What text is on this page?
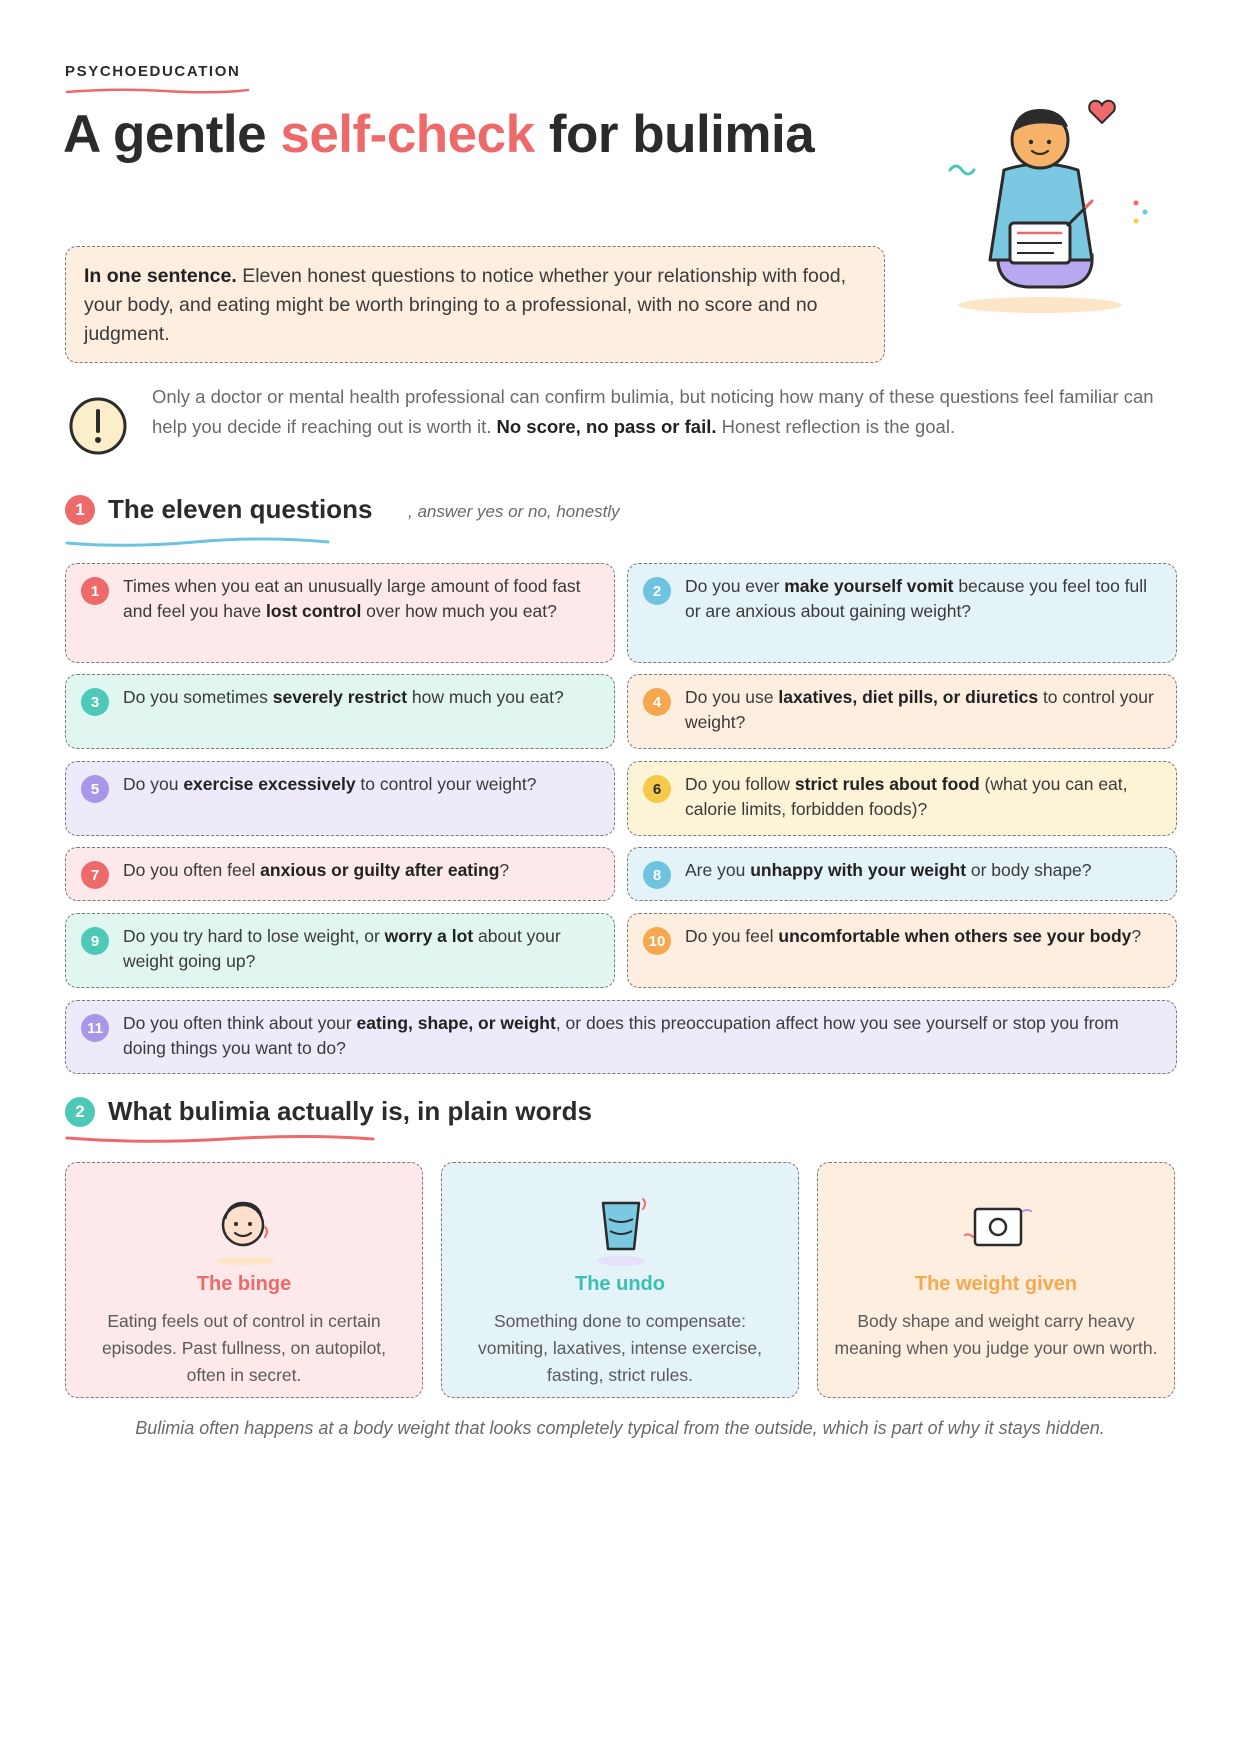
PSYCHOEDUCATION
A gentle self-check for bulimia
In one sentence. Eleven honest questions to notice whether your relationship with food, your body, and eating might be worth bringing to a professional, with no score and no judgment.

Only a doctor or mental health professional can confirm bulimia, but noticing how many of these questions feel familiar can help you decide if reaching out is worth it. No score, no pass or fail. Honest reflection is the goal.

1 The eleven questions , answer yes or no, honestly
1	Times when you eat an unusually large amount of food fast and feel you have lost control over how much you eat?
2	Do you ever make yourself vomit because you feel too full or are anxious about gaining weight?
3	Do you sometimes severely restrict how much you eat?	4	Do you use laxatives, diet pills, or diuretics to control your weight?
5	Do you exercise excessively to control your weight?	6	Do you follow strict rules about food (what you can eat, calorie limits, forbidden foods)?
7	Do you often feel anxious or guilty after eating?	8	Are you unhappy with your weight or body shape?
9	Do you try hard to lose weight, or worry a lot about your weight going up?
10	Do you feel uncomfortable when others see your body?
11	Do you often think about your eating, shape, or weight, or does this preoccupation affect how you see yourself or stop you from doing things you want to do?
2 What bulimia actually is, in plain words
The binge
Eating feels out of control in certain episodes. Past fullness, on autopilot, often in secret.
The undo
Something done to compensate: vomiting, laxatives, intense exercise, fasting, strict rules.
The weight given
Body shape and weight carry heavy meaning when you judge your own worth.

Bulimia often happens at a body weight that looks completely typical from the outside, which is part of why it stays hidden.
